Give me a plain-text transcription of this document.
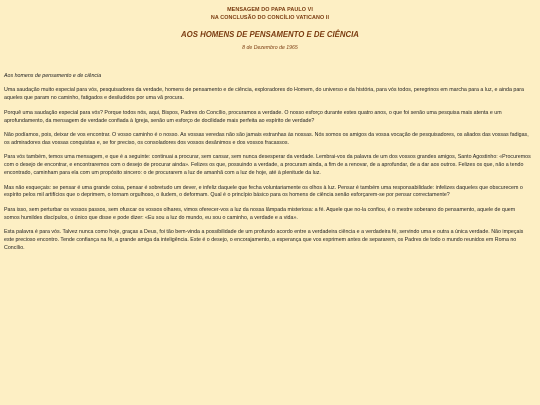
MENSAGEM DO PAPA PAULO VI
NA CONCLUSÃO DO CONCÍLIO VATICANO II
AOS HOMENS DE PENSAMENTO E DE CIÊNCIA
8 de Dezembro de 1965

Aos homens de pensamento e de ciência

Uma saudação muito especial para vós, pesquisadores da verdade, homens de pensamento e de ciência, exploradores do Homem, do universo e da história, para vós todos, peregrinos em marcha para a luz, e ainda para aqueles que param no caminho, fatigados e desiludidos por uma vã procura.

Porquê uma saudação especial para vós? Porque todos nós, aqui, Bispos, Padres do Concílio, procuramos a verdade. O nosso esforço durante estes quatro anos, o que foi senão uma pesquisa mais atenta e um aprofundamento, da mensagem de verdade confiada à Igreja, senão um esforço de docilidade mais perfeita ao espírito de verdade?

Não podíamos, pois, deixar de vos encontrar. O vosso caminho é o nosso. As vossas veredas não são jamais estranhas às nossas. Nós somos os amigos da vossa vocação de pesquisadores, os aliados das vossas fadigas, os admiradores das vossas conquistas e, se for preciso, os consoladores dos vossos desânimos e dos vossos fracassos.

Para vós também, temos uma mensagem, e que é a seguinte: continuai a procurar, sem cansar, sem nunca desesperar da verdade. Lembrai-vos da palavra de um dos vossos grandes amigos, Santo Agostinho: «Procuremos com o desejo de encontrar, e encontraremos com o desejo de procurar ainda». Felizes os que, possuindo a verdade, a procuram ainda, a fim de a renovar, de a aprofundar, de a dar aos outros. Felizes os que, não a tendo encontrado, caminham para ela com um propósito sincero: o de procurarem a luz de amanhã com a luz de hoje, até à plenitude da luz.

Mas não esqueçais: se pensar é uma grande coisa, pensar é sobretudo um dever, e infeliz daquele que fecha voluntariamente os olhos à luz. Pensar é também uma responsabilidade: infelizes daqueles que obscurecem o espírito pelos mil artifícios que o deprimem, o tornam orgulhoso, o iludem, o deformam. Qual é o princípio básico para os homens de ciência senão esforçarem-se por pensar correctamente?

Para isso, sem perturbar os vossos passos, sem ofuscar os vossos olhares, vimos oferecer-vos a luz da nossa lâmpada misteriosa: a fé. Aquele que no-la confiou, é o mestre soberano do pensamento, aquele de quem somos humildes discípulos, o único que disse e pode dizer: «Eu sou a luz do mundo, eu sou o caminho, a verdade e a vida».

Esta palavra é para vós. Talvez nunca como hoje, graças a Deus, foi tão bem-vinda a possibilidade de um profundo acordo entre a verdadeira ciência e a verdadeira fé, servindo uma e outra a única verdade. Não impeçais este precioso encontro. Tende confiança na fé, a grande amiga da inteligência. Este é o desejo, o encorajamento, a esperança que vos exprimem antes de separarem, os Padres de todo o mundo reunidos em Roma no Concílio.
